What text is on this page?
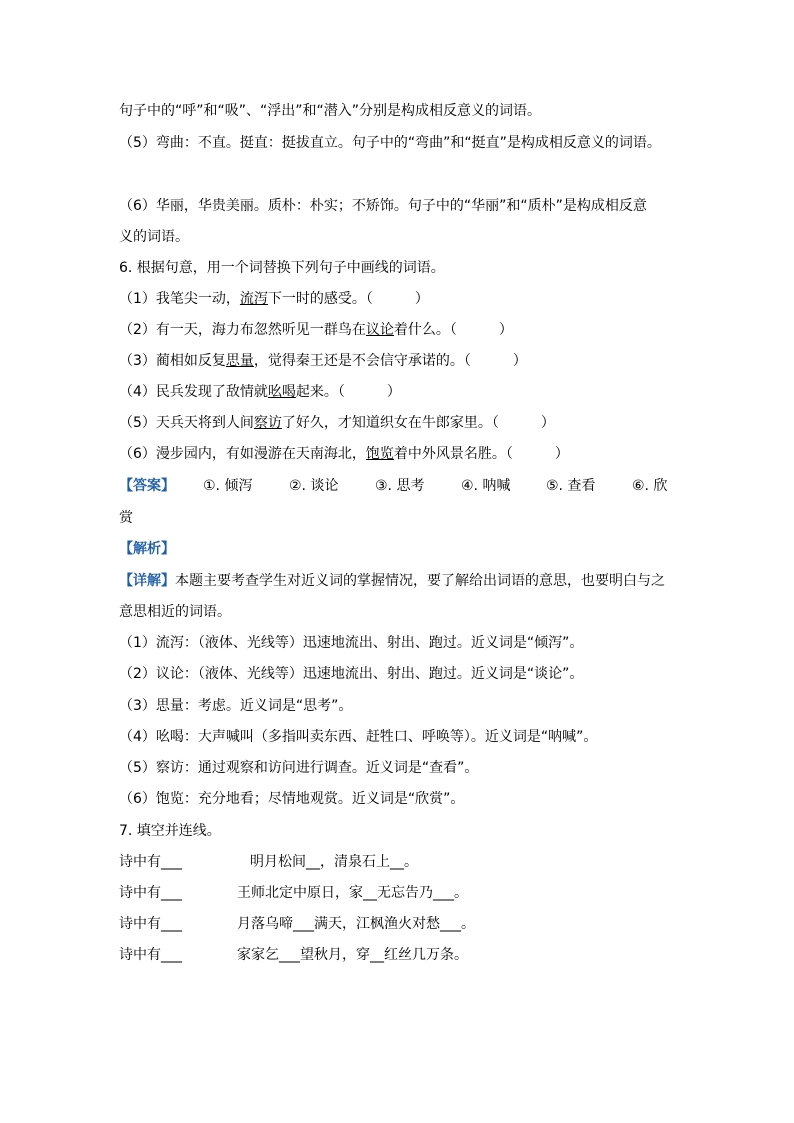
句子中的“呼”和“吸”、“浮出”和“潜入”分别是构成相反意义的词语。
（5）弯曲：不直。挺直：挺拔直立。句子中的“弯曲”和“挺直”是构成相反意义的词语。
（6）华丽，华贵美丽。质朴：朴实；不矫饰。句子中的“华丽”和“质朴”是构成相反意
义的词语。
6. 根据句意，用一个词替换下列句子中画线的词语。
（1）我笔尖一动，流泻下一时的感受。（　　　）
（2）有一天，海力布忽然听见一群鸟在议论着什么。（　　　）
（3）蔺相如反复思量，觉得秦王还是不会信守承诺的。（　　　）
（4）民兵发现了敌情就吆喝起来。（　　　）
（5）天兵天将到人间察访了好久，才知道织女在牛郎家里。（　　　）
（6）漫步园内，有如漫游在天南海北，饱览着中外风景名胜。（　　　）
【答案】 ①. 倾泻	②. 谈论	③. 思考	④. 呐喊	⑤. 查看	⑥. 欣
赏
【解析】
【详解】本题主要考查学生对近义词的掌握情况，要了解给出词语的意思，也要明白与之
意思相近的词语。
（1）流泻：（液体、光线等）迅速地流出、射出、跑过。近义词是“倾泻”。
（2）议论：（液体、光线等）迅速地流出、射出、跑过。近义词是“谈论”。
（3）思量：考虑。近义词是“思考”。
（4）吆喝：大声喊叫（多指叫卖东西、赶牲口、呼唤等）。近义词是“呐喊”。
（5）察访：通过观察和访问进行调查。近义词是“查看”。
（6）饱览：充分地看；尽情地观赏。近义词是“欣赏”。
7. 填空并连线。
诗中有___	明月松间__，清泉石上__。
诗中有___	王师北定中原日，家__无忘告乃___。
诗中有___	月落乌啼___满天，江枫渔火对愁___。
诗中有___	家家乞___望秋月，穿__红丝几万条。
